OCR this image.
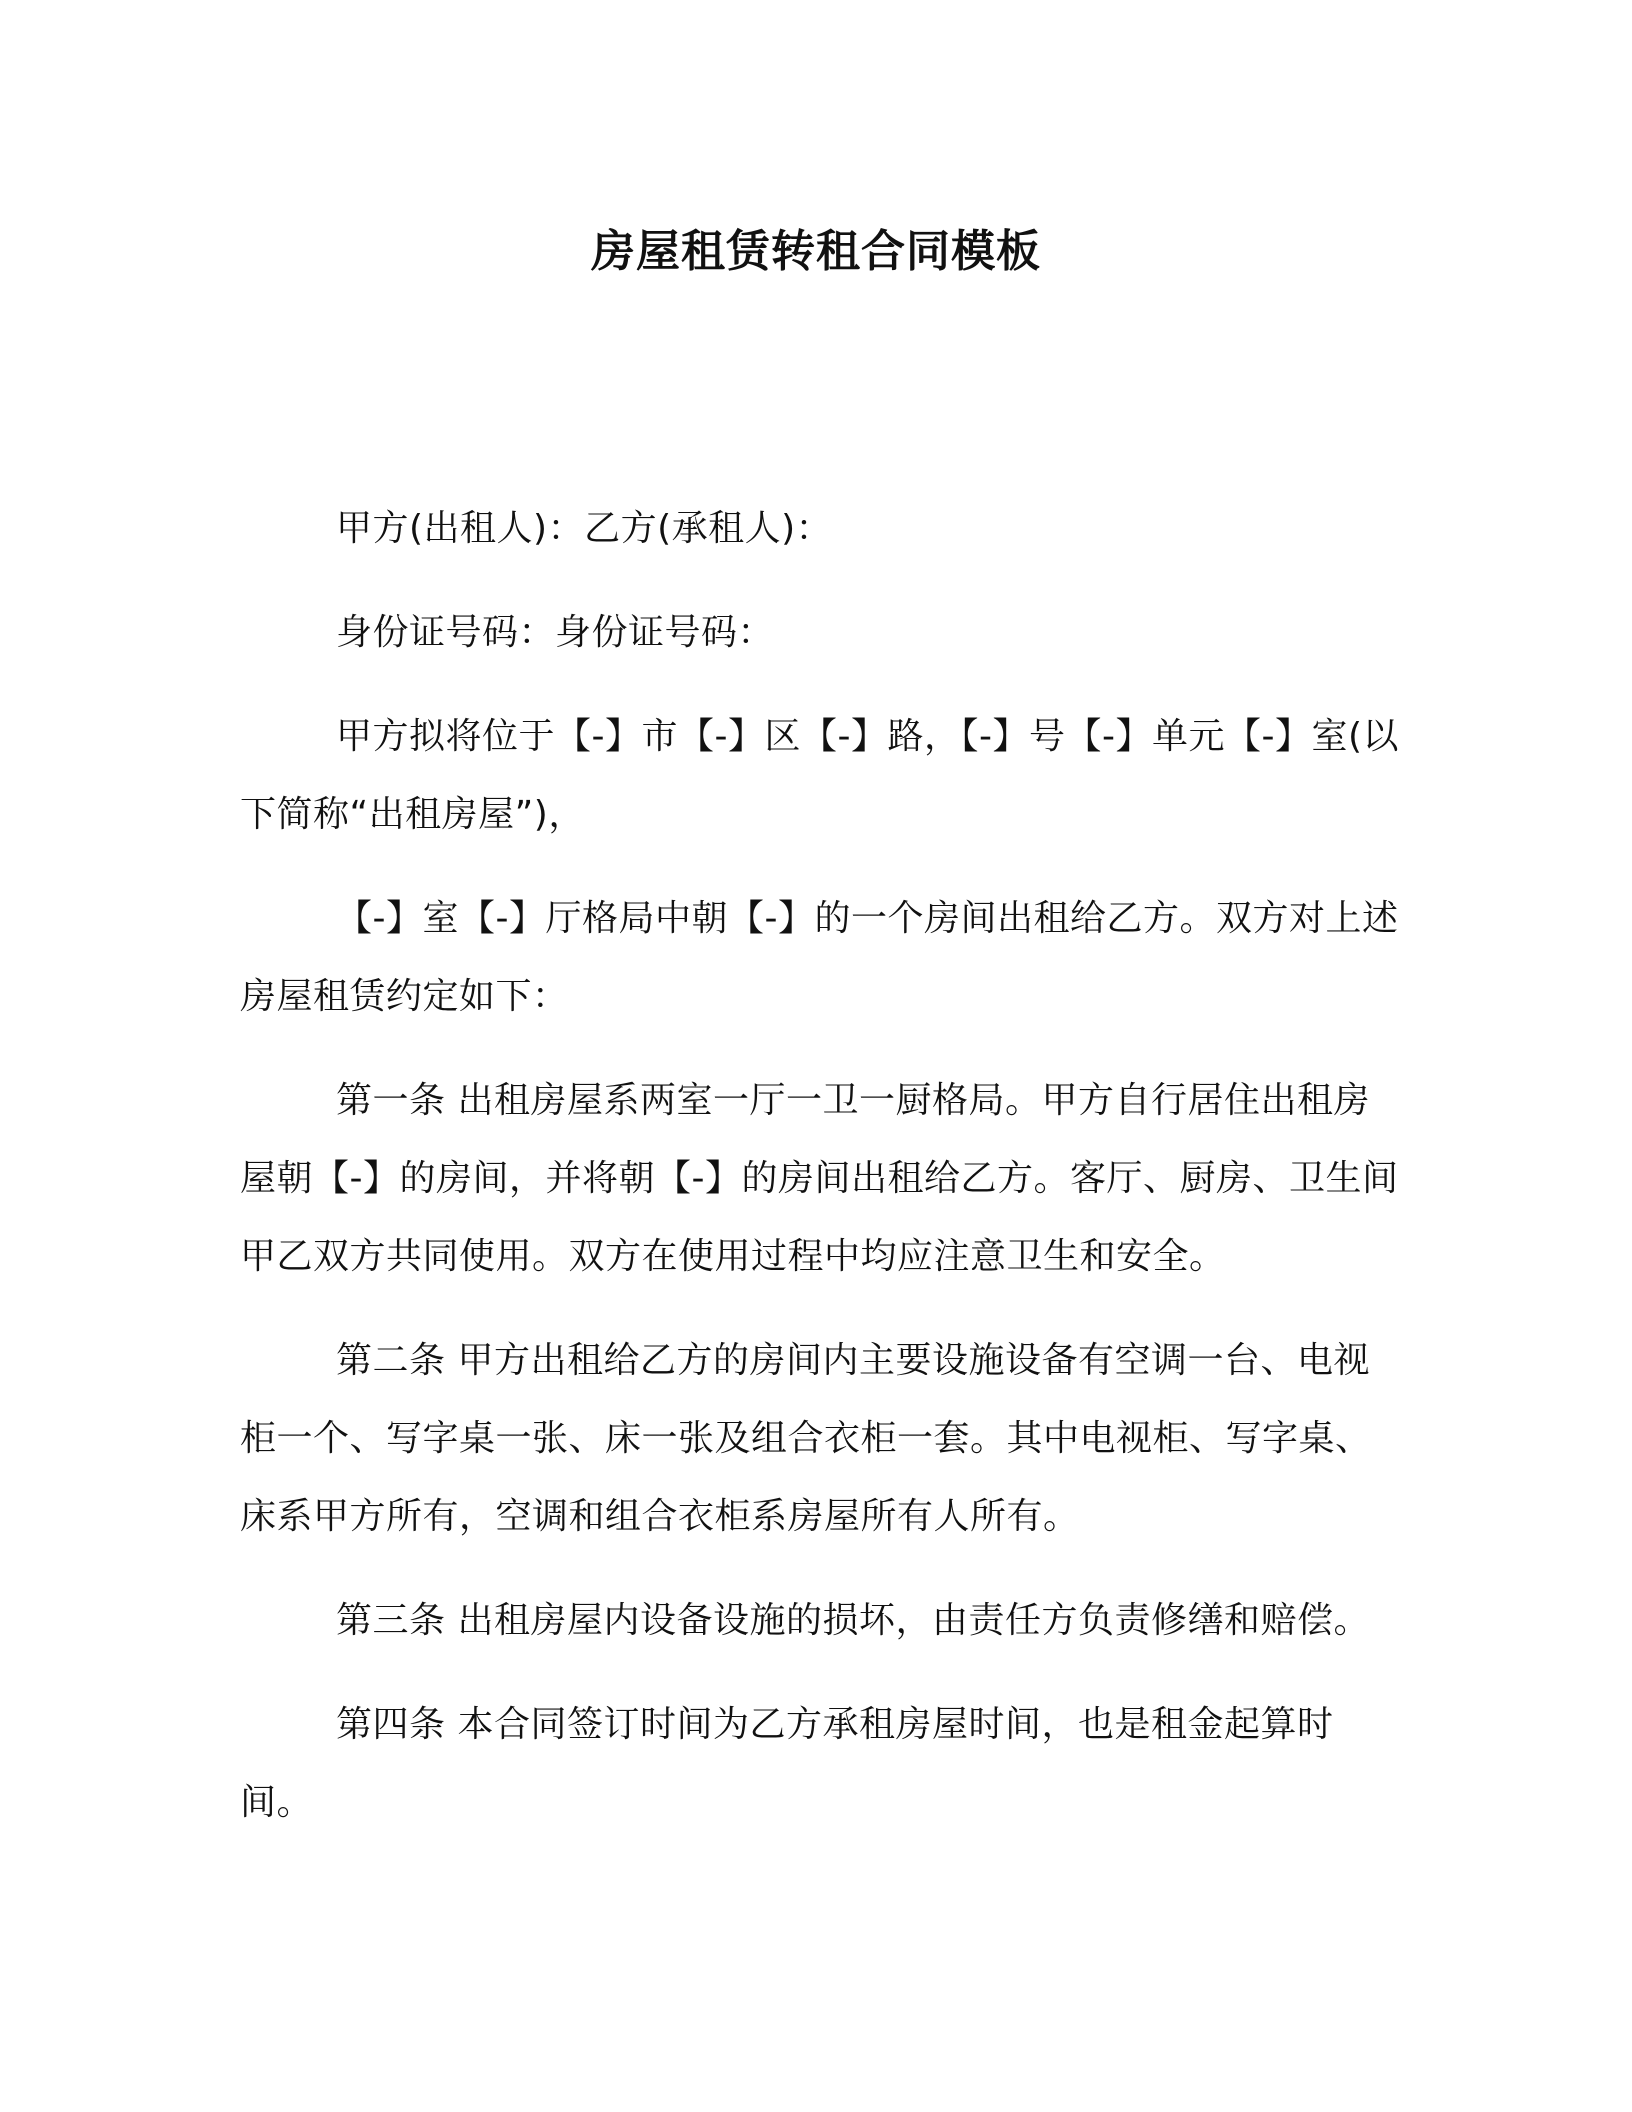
房屋租赁转租合同模板

甲方(出租人)：乙方(承租人)：

身份证号码：身份证号码：

甲方拟将位于【-】市【-】区【-】路，【-】号【-】单元【-】室(以下简称“出租房屋”)，

【-】室【-】厅格局中朝【-】的一个房间出租给乙方。双方对上述房屋租赁约定如下：

第一条 出租房屋系两室一厅一卫一厨格局。甲方自行居住出租房屋朝【-】的房间，并将朝【-】的房间出租给乙方。客厅、厨房、卫生间甲乙双方共同使用。双方在使用过程中均应注意卫生和安全。

第二条 甲方出租给乙方的房间内主要设施设备有空调一台、电视柜一个、写字桌一张、床一张及组合衣柜一套。其中电视柜、写字桌、床系甲方所有，空调和组合衣柜系房屋所有人所有。

第三条 出租房屋内设备设施的损坏，由责任方负责修缮和赔偿。

第四条 本合同签订时间为乙方承租房屋时间，也是租金起算时间。
